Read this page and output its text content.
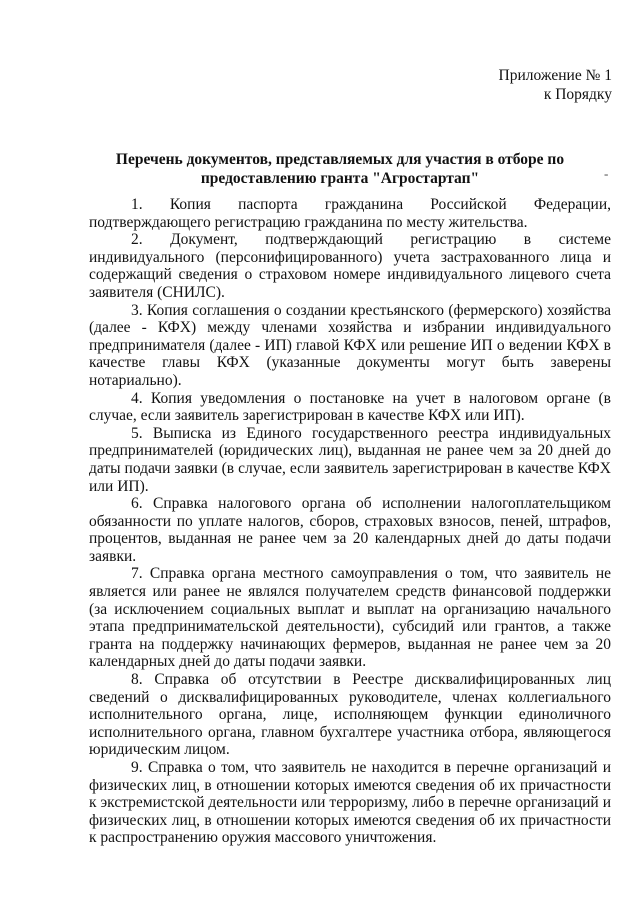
Приложение № 1
к Порядку
Перечень документов, представляемых для участия в отборе по
предоставлению гранта "Агростартап"	-

1. Копия паспорта гражданина Российской Федерации, подтверждающего регистрацию гражданина по месту жительства.

2. Документ, подтверждающий регистрацию в системе индивидуального (персонифицированного) учета застрахованного лица и содержащий сведения о страховом номере индивидуального лицевого счета заявителя (СНИЛС).

3. Копия соглашения о создании крестьянского (фермерского) хозяйства (далее - КФХ) между членами хозяйства и избрании индивидуального предпринимателя (далее - ИП) главой КФХ или решение ИП о ведении КФХ в качестве главы КФХ (указанные документы могут быть заверены нотариально).

4. Копия уведомления о постановке на учет в налоговом органе (в случае, если заявитель зарегистрирован в качестве КФХ или ИП).

5. Выписка из Единого государственного реестра индивидуальных предпринимателей (юридических лиц), выданная не ранее чем за 20 дней до даты подачи заявки (в случае, если заявитель зарегистрирован в качестве КФХ или ИП).

6. Справка налогового органа об исполнении налогоплательщиком обязанности по уплате налогов, сборов, страховых взносов, пеней, штрафов, процентов, выданная не ранее чем за 20 календарных дней до даты подачи заявки.

7. Справка органа местного самоуправления о том, что заявитель не является или ранее не являлся получателем средств финансовой поддержки (за исключением социальных выплат и выплат на организацию начального этапа предпринимательской деятельности), субсидий или грантов, а также гранта на поддержку начинающих фермеров, выданная не ранее чем за 20 календарных дней до даты подачи заявки.

8. Справка об отсутствии в Реестре дисквалифицированных лиц сведений о дисквалифицированных руководителе, членах коллегиального исполнительного органа, лице, исполняющем функции единоличного исполнительного органа, главном бухгалтере участника отбора, являющегося юридическим лицом.

9. Справка о том, что заявитель не находится в перечне организаций и физических лиц, в отношении которых имеются сведения об их причастности к экстремистской деятельности или терроризму, либо в перечне организаций и физических лиц, в отношении которых имеются сведения об их причастности к распространению оружия массового уничтожения.
